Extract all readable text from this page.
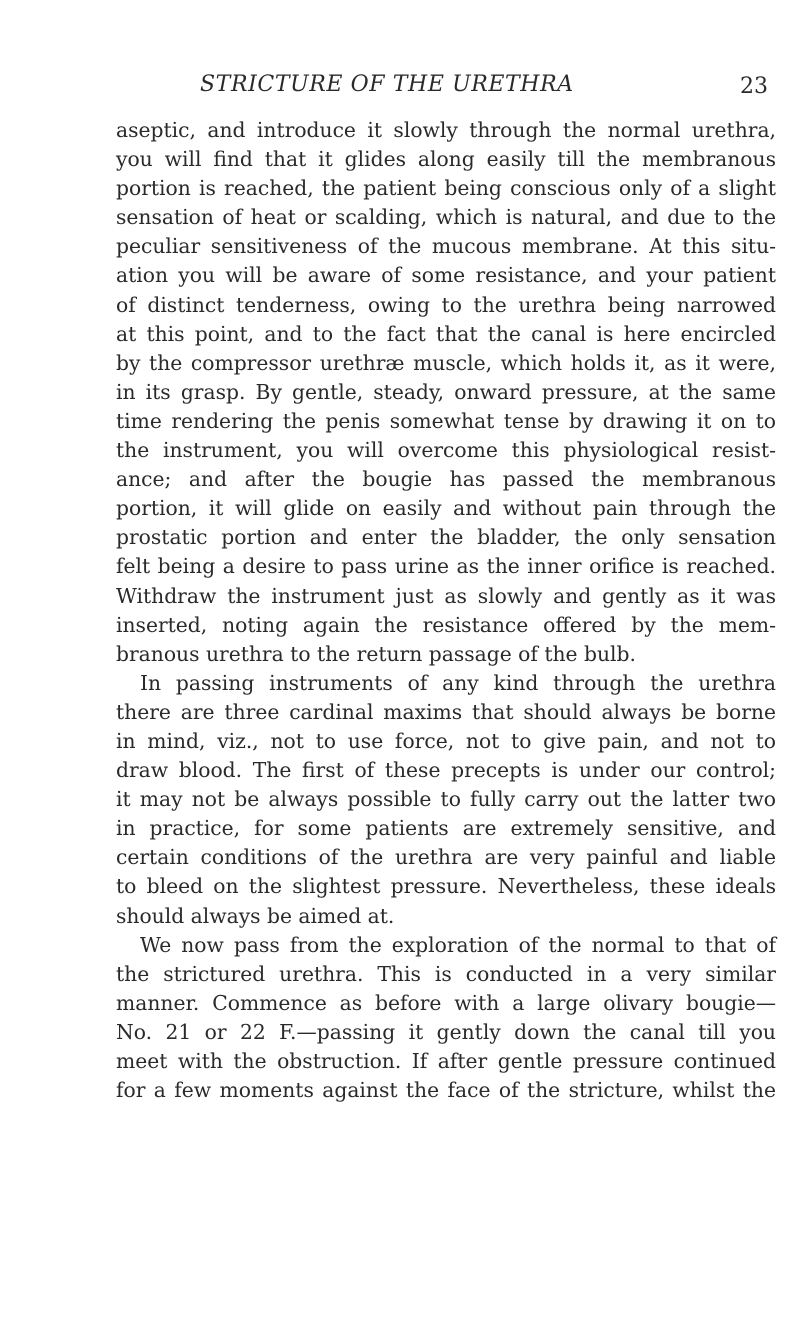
STRICTURE OF THE URETHRA	23
aseptic, and introduce it slowly through the normal urethra,
you will find that it glides along easily till the membranous
portion is reached, the patient being conscious only of a slight
sensation of heat or scalding, which is natural, and due to the
peculiar sensitiveness of the mucous membrane. At this situ-
ation you will be aware of some resistance, and your patient
of distinct tenderness, owing to the urethra being narrowed
at this point, and to the fact that the canal is here encircled
by the compressor urethræ muscle, which holds it, as it were,
in its grasp. By gentle, steady, onward pressure, at the same
time rendering the penis somewhat tense by drawing it on to
the instrument, you will overcome this physiological resist-
ance; and after the bougie has passed the membranous
portion, it will glide on easily and without pain through the
prostatic portion and enter the bladder, the only sensation
felt being a desire to pass urine as the inner orifice is reached.
Withdraw the instrument just as slowly and gently as it was
inserted, noting again the resistance offered by the mem-
branous urethra to the return passage of the bulb.
In passing instruments of any kind through the urethra
there are three cardinal maxims that should always be borne
in mind, viz., not to use force, not to give pain, and not to
draw blood. The first of these precepts is under our control;
it may not be always possible to fully carry out the latter two
in practice, for some patients are extremely sensitive, and
certain conditions of the urethra are very painful and liable
to bleed on the slightest pressure. Nevertheless, these ideals
should always be aimed at.
We now pass from the exploration of the normal to that of
the strictured urethra. This is conducted in a very similar
manner. Commence as before with a large olivary bougie—
No. 21 or 22 F.—passing it gently down the canal till you
meet with the obstruction. If after gentle pressure continued
for a few moments against the face of the stricture, whilst the
